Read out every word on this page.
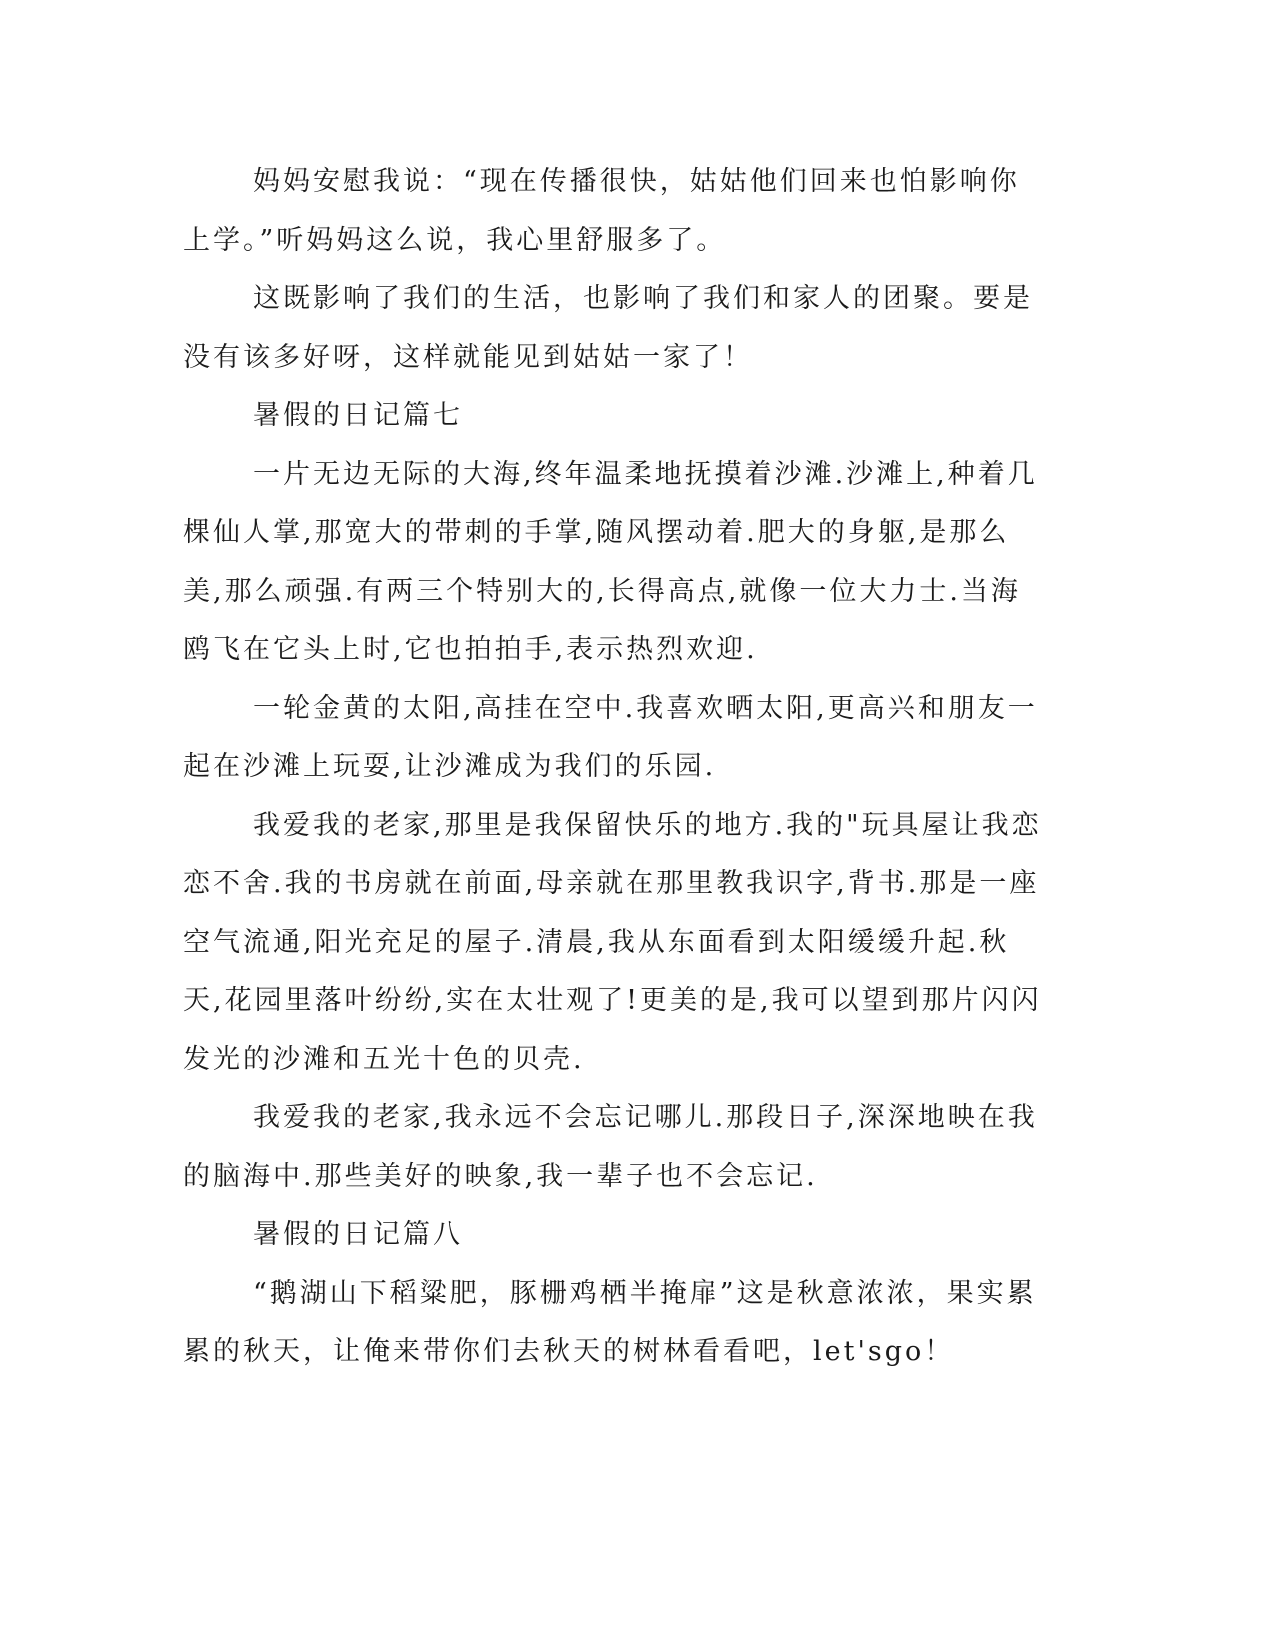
妈妈安慰我说：“现在传播很快，姑姑他们回来也怕影响你上学。”听妈妈这么说，我心里舒服多了。

这既影响了我们的生活，也影响了我们和家人的团聚。要是没有该多好呀，这样就能见到姑姑一家了！

暑假的日记篇七

一片无边无际的大海,终年温柔地抚摸着沙滩.沙滩上,种着几棵仙人掌,那宽大的带刺的手掌,随风摆动着.肥大的身躯,是那么美,那么顽强.有两三个特别大的,长得高点,就像一位大力士.当海鸥飞在它头上时,它也拍拍手,表示热烈欢迎.

一轮金黄的太阳,高挂在空中.我喜欢晒太阳,更高兴和朋友一起在沙滩上玩耍,让沙滩成为我们的乐园.

我爱我的老家,那里是我保留快乐的地方.我的"玩具屋让我恋恋不舍.我的书房就在前面,母亲就在那里教我识字,背书.那是一座空气流通,阳光充足的屋子.清晨,我从东面看到太阳缓缓升起.秋天,花园里落叶纷纷,实在太壮观了!更美的是,我可以望到那片闪闪发光的沙滩和五光十色的贝壳.

我爱我的老家,我永远不会忘记哪儿.那段日子,深深地映在我的脑海中.那些美好的映象,我一辈子也不会忘记.

暑假的日记篇八

“鹅湖山下稻粱肥，豚栅鸡栖半掩扉”这是秋意浓浓，果实累累的秋天，让俺来带你们去秋天的树林看看吧，let'sgo！
